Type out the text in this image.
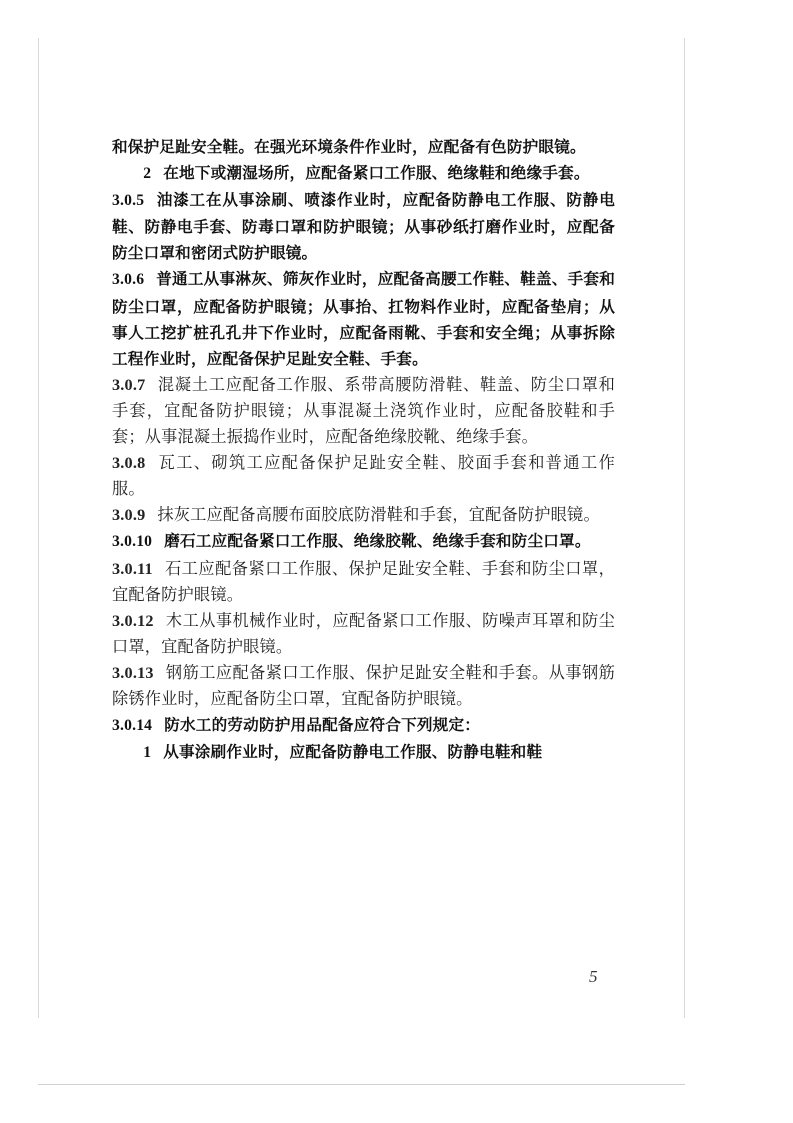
和保护足趾安全鞋。在强光环境条件作业时，应配备有色防护眼镜。

2 在地下或潮湿场所，应配备紧口工作服、绝缘鞋和绝缘手套。

3.0.5 油漆工在从事涂刷、喷漆作业时，应配备防静电工作服、防静电鞋、防静电手套、防毒口罩和防护眼镜；从事砂纸打磨作业时，应配备防尘口罩和密闭式防护眼镜。

3.0.6 普通工从事淋灰、筛灰作业时，应配备高腰工作鞋、鞋盖、手套和防尘口罩，应配备防护眼镜；从事抬、扛物料作业时，应配备垫肩；从事人工挖扩桩孔孔井下作业时，应配备雨靴、手套和安全绳；从事拆除工程作业时，应配备保护足趾安全鞋、手套。

3.0.7 混凝土工应配备工作服、系带高腰防滑鞋、鞋盖、防尘口罩和手套，宜配备防护眼镜；从事混凝土浇筑作业时，应配备胶鞋和手套；从事混凝土振捣作业时，应配备绝缘胶靴、绝缘手套。

3.0.8 瓦工、砌筑工应配备保护足趾安全鞋、胶面手套和普通工作服。

3.0.9 抹灰工应配备高腰布面胶底防滑鞋和手套，宜配备防护眼镜。

3.0.10 磨石工应配备紧口工作服、绝缘胶靴、绝缘手套和防尘口罩。

3.0.11 石工应配备紧口工作服、保护足趾安全鞋、手套和防尘口罩，宜配备防护眼镜。

3.0.12 木工从事机械作业时，应配备紧口工作服、防噪声耳罩和防尘口罩，宜配备防护眼镜。

3.0.13 钢筋工应配备紧口工作服、保护足趾安全鞋和手套。从事钢筋除锈作业时，应配备防尘口罩，宜配备防护眼镜。

3.0.14 防水工的劳动防护用品配备应符合下列规定：

1 从事涂刷作业时，应配备防静电工作服、防静电鞋和鞋

5
